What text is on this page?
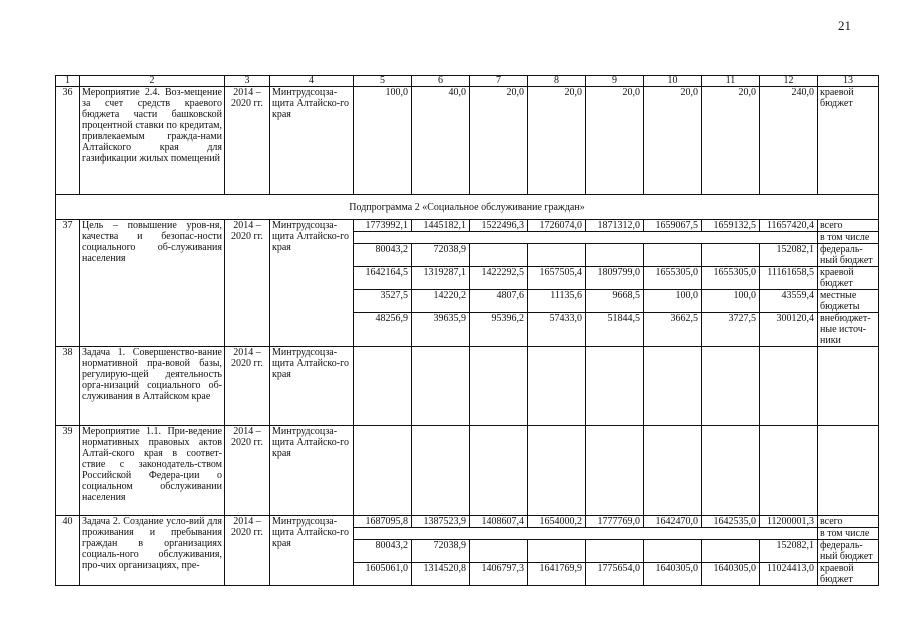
21
1	2	3	4	5	6	7	8	9	10	11	12	13
36	Мероприятие 2.4. Воз-мещение за счет средств краевого бюджета части башковской процентной ставки по кредитам, привлекаемым гражда-нами Алтайского края для газификации жилых помещений	2014 – 2020 гг.	Минтрудсоцза-щита Алтайско-го края	100,0	40,0	20,0	20,0	20,0	20,0	20,0	240,0	краевой бюджет
Подпрограмма 2 «Социальное обслуживание граждан»												
37	Цель – повышение уров-ня, качества и безопас-ности социального об-служивания населения	2014 – 2020 гг.	Минтрудсоцза-щита Алтайско-го края	1773992,1	1445182,1	1522496,3	1726074,0	1871312,0	1659067,5	1659132,5	11657420,4	всего
												в том числе
				80043,2	72038,9						152082,1	федераль-ный бюджет
				1642164,5	1319287,1	1422292,5	1657505,4	1809799,0	1655305,0	1655305,0	11161658,5	краевой бюджет
				3527,5	14220,2	4807,6	11135,6	9668,5	100,0	100,0	43559,4	местные бюджеты
				48256,9	39635,9	95396,2	57433,0	51844,5	3662,5	3727,5	300120,4	внебюджет-ные источ-ники
38	Задача 1. Совершенство-вание нормативной пра-вовой базы, регулирую-щей деятельность орга-низаций социального об-служивания в Алтайском крае	2014 – 2020 гг.	Минтрудсоцза-щита Алтайско-го края									
39	Мероприятие 1.1. При-ведение нормативных правовых актов Алтай-ского края в соответ-ствие с законодатель-ством Российской Федера-ции о социальном обслуживании населения	2014 – 2020 гг.	Минтрудсоцза-щита Алтайско-го края									
40	Задача 2. Создание усло-вий для проживания и пребывания граждан в организациях социаль-ного обслуживания, про-чих организациях, пре-	2014 – 2020 гг.	Минтрудсоцза-щита Алтайско-го края	1687095,8	1387523,9	1408607,4	1654000,2	1777769,0	1642470,0	1642535,0	11200001,3	всего
												в том числе
				80043,2	72038,9						152082,1	федераль-ный бюджет
				1605061,0	1314520,8	1406797,3	1641769,9	1775654,0	1640305,0	1640305,0	11024413,0	краевой бюджет
